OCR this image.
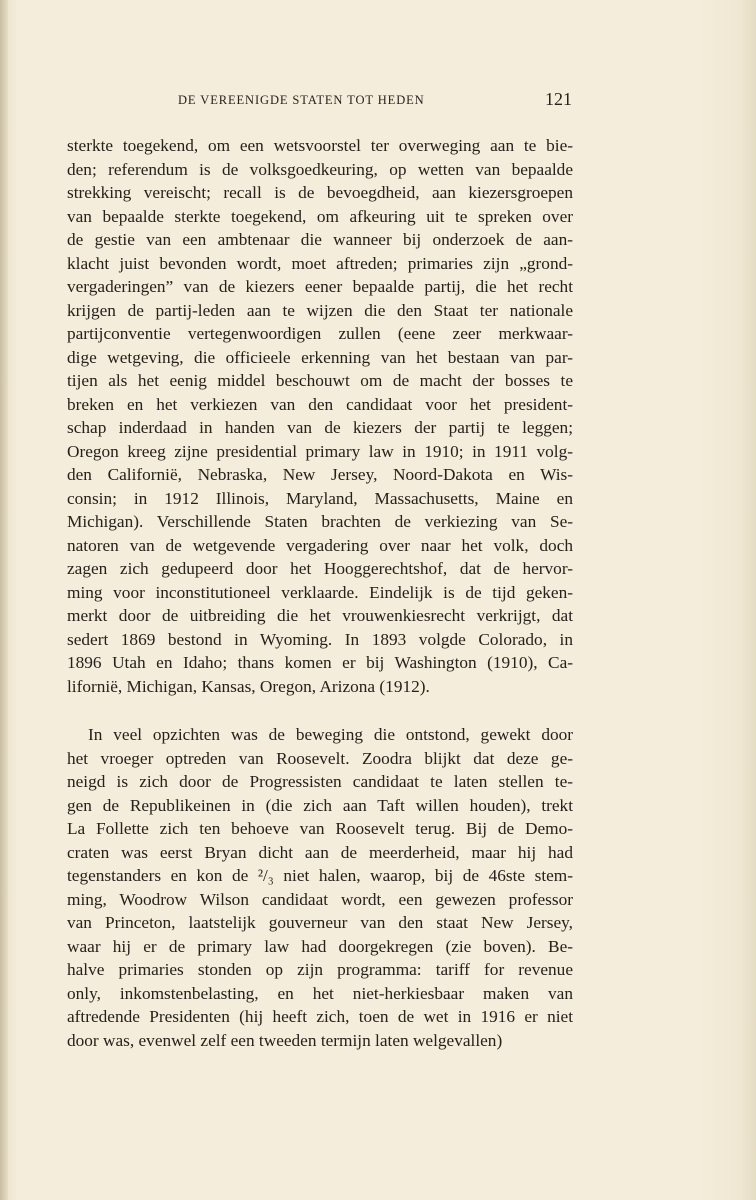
DE VEREENIGDE STATEN TOT HEDEN	121
sterkte toegekend, om een wetsvoorstel ter overweging aan te bie-
den; referendum is de volksgoedkeuring, op wetten van bepaalde
strekking vereischt; recall is de bevoegdheid, aan kiezersgroepen
van bepaalde sterkte toegekend, om afkeuring uit te spreken over
de gestie van een ambtenaar die wanneer bij onderzoek de aan-
klacht juist bevonden wordt, moet aftreden; primaries zijn „grond-
vergaderingen” van de kiezers eener bepaalde partij, die het recht
krijgen de partij-leden aan te wijzen die den Staat ter nationale
partijconventie vertegenwoordigen zullen (eene zeer merkwaar-
dige wetgeving, die officieele erkenning van het bestaan van par-
tijen als het eenig middel beschouwt om de macht der bosses te
breken en het verkiezen van den candidaat voor het president-
schap inderdaad in handen van de kiezers der partij te leggen;
Oregon kreeg zijne presidential primary law in 1910; in 1911 volg-
den Californië, Nebraska, New Jersey, Noord-Dakota en Wis-
consin; in 1912 Illinois, Maryland, Massachusetts, Maine en
Michigan). Verschillende Staten brachten de verkiezing van Se-
natoren van de wetgevende vergadering over naar het volk, doch
zagen zich gedupeerd door het Hooggerechtshof, dat de hervor-
ming voor inconstitutioneel verklaarde. Eindelijk is de tijd geken-
merkt door de uitbreiding die het vrouwenkiesrecht verkrijgt, dat
sedert 1869 bestond in Wyoming. In 1893 volgde Colorado, in
1896 Utah en Idaho; thans komen er bij Washington (1910), Ca-
lifornië, Michigan, Kansas, Oregon, Arizona (1912).
In veel opzichten was de beweging die ontstond, gewekt door
het vroeger optreden van Roosevelt. Zoodra blijkt dat deze ge-
neigd is zich door de Progressisten candidaat te laten stellen te-
gen de Republikeinen in (die zich aan Taft willen houden), trekt
La Follette zich ten behoeve van Roosevelt terug. Bij de Demo-
craten was eerst Bryan dicht aan de meerderheid, maar hij had
tegenstanders en kon de ²/₃ niet halen, waarop, bij de 46ste stem-
ming, Woodrow Wilson candidaat wordt, een gewezen professor
van Princeton, laatstelijk gouverneur van den staat New Jersey,
waar hij er de primary law had doorgekregen (zie boven). Be-
halve primaries stonden op zijn programma: tariff for revenue
only, inkomstenbelasting, en het niet-herkiesbaar maken van
aftredende Presidenten (hij heeft zich, toen de wet in 1916 er niet
door was, evenwel zelf een tweeden termijn laten welgevallen)
